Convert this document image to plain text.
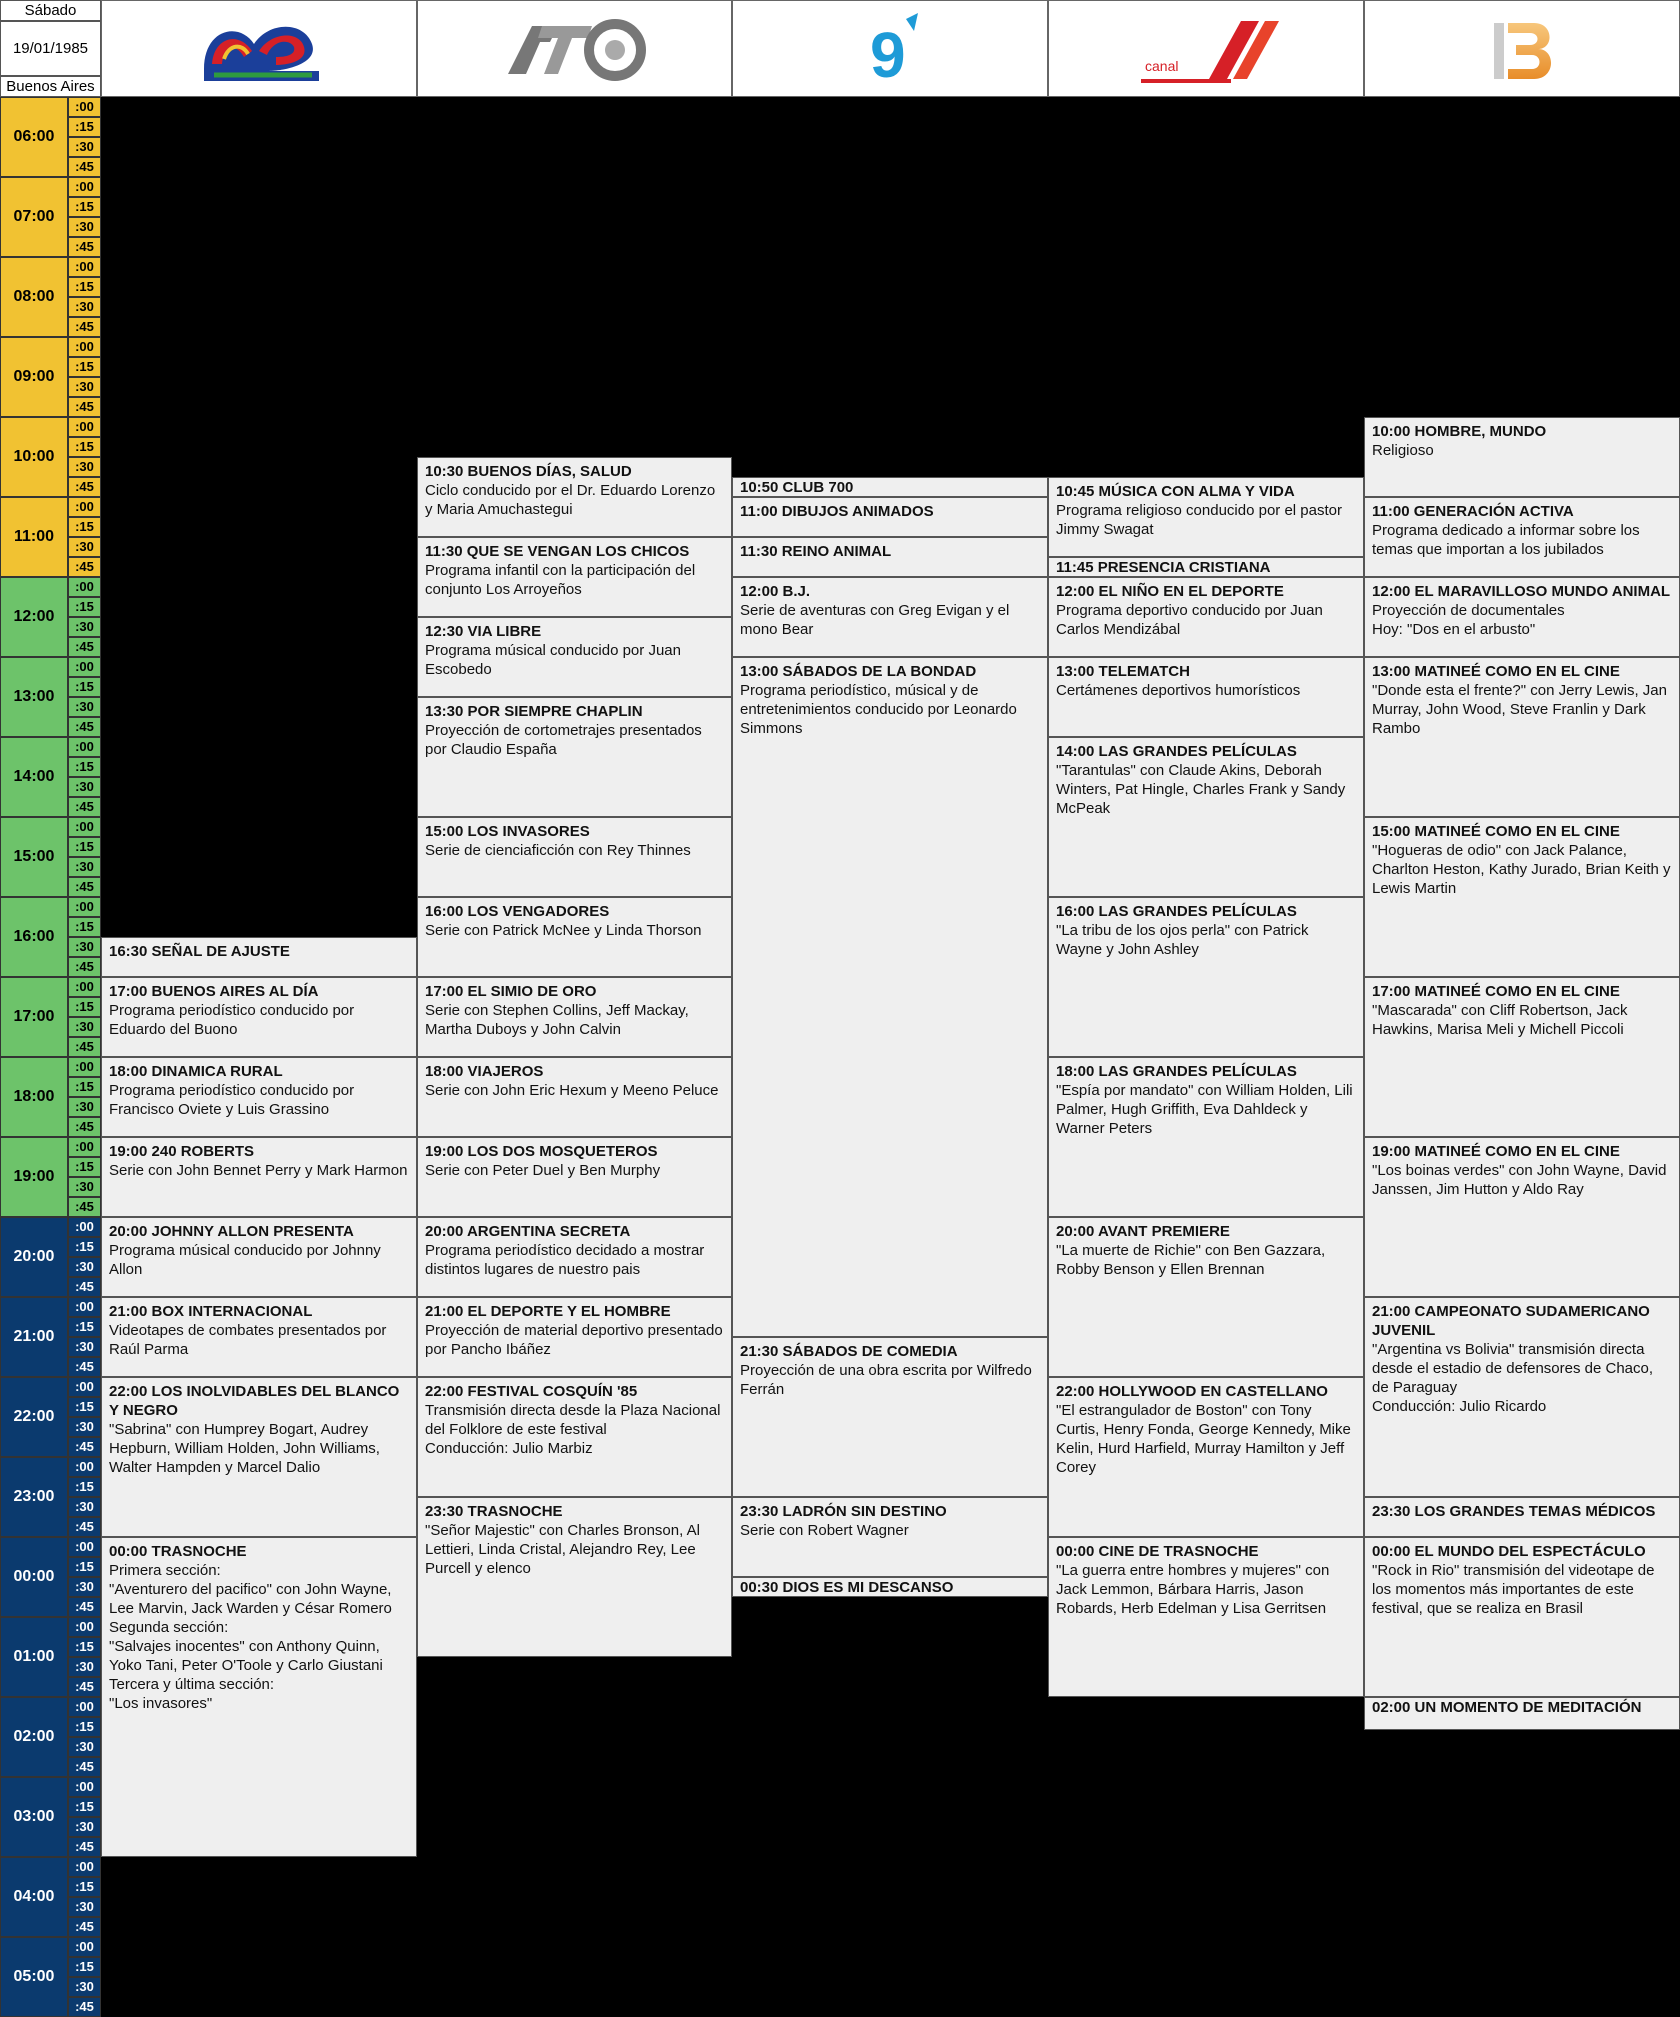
Sábado
19/01/1985
Buenos Aires	9	canal
06:00
:00
:15
:30
:45
07:00
:00
:15
:30
:45
08:00
:00
:15
:30
:45
09:00
:00
:15
:30
:45
10:00
:00
:15
:30
:45
11:00
:00
:15
:30
:45
12:00
:00
:15
:30
:45
13:00
:00
:15
:30
:45
14:00
:00
:15
:30
:45
15:00
:00
:15
:30
:45
16:00
:00
:15
:30
:45
17:00
:00
:15
:30
:45
18:00
:00
:15
:30
:45
19:00
:00
:15
:30
:45
20:00
:00
:15
:30
:45
21:00
:00
:15
:30
:45
22:00
:00
:15
:30
:45
23:00
:00
:15
:30
:45
00:00
:00
:15
:30
:45
01:00
:00
:15
:30
:45
02:00
:00
:15
:30
:45
03:00
:00
:15
:30
:45
04:00
:00
:15
:30
:45
05:00
:00
:15
:30
:45
16:30 SEÑAL DE AJUSTE
17:00 BUENOS AIRES AL DÍA
Programa periodístico conducido por Eduardo del Buono
18:00 DINAMICA RURAL
Programa periodístico conducido por Francisco Oviete y Luis Grassino
19:00 240 ROBERTS
Serie con John Bennet Perry y Mark Harmon
20:00 JOHNNY ALLON PRESENTA
Programa músical conducido por Johnny Allon
21:00 BOX INTERNACIONAL
Videotapes de combates presentados por Raúl Parma
22:00 LOS INOLVIDABLES DEL BLANCO Y NEGRO
"Sabrina" con Humprey Bogart, Audrey Hepburn, William Holden, John Williams, Walter Hampden y Marcel Dalio
00:00 TRASNOCHE
Primera sección:
"Aventurero del pacifico" con John Wayne, Lee Marvin, Jack Warden y César Romero
Segunda sección:
"Salvajes inocentes" con Anthony Quinn, Yoko Tani, Peter O'Toole y Carlo Giustani
Tercera y última sección:
"Los invasores"
10:30 BUENOS DÍAS, SALUD
Ciclo conducido por el Dr. Eduardo Lorenzo y Maria Amuchastegui
11:30 QUE SE VENGAN LOS CHICOS
Programa infantil con la participación del conjunto Los Arroyeños
12:30 VIA LIBRE
Programa músical conducido por Juan Escobedo
13:30 POR SIEMPRE CHAPLIN
Proyección de cortometrajes presentados por Claudio España
15:00 LOS INVASORES
Serie de cienciaficción con Rey Thinnes
16:00 LOS VENGADORES
Serie con Patrick McNee y Linda Thorson
17:00 EL SIMIO DE ORO
Serie con Stephen Collins, Jeff Mackay, Martha Duboys y John Calvin
18:00 VIAJEROS
Serie con John Eric Hexum y Meeno Peluce
19:00 LOS DOS MOSQUETEROS
Serie con Peter Duel y Ben Murphy
20:00 ARGENTINA SECRETA
Programa periodístico decidado a mostrar distintos lugares de nuestro pais
21:00 EL DEPORTE Y EL HOMBRE
Proyección de material deportivo presentado por Pancho Ibáñez
22:00 FESTIVAL COSQUÍN '85
Transmisión directa desde la Plaza Nacional del Folklore de este festival
Conducción: Julio Marbiz
23:30 TRASNOCHE
"Señor Majestic" con Charles Bronson, Al Lettieri, Linda Cristal, Alejandro Rey, Lee Purcell y elenco
10:50 CLUB 700
11:00 DIBUJOS ANIMADOS
11:30 REINO ANIMAL
12:00 B.J.
Serie de aventuras con Greg Evigan y el mono Bear
13:00 SÁBADOS DE LA BONDAD
Programa periodístico, músical y de entretenimientos conducido por Leonardo Simmons
21:30 SÁBADOS DE COMEDIA
Proyección de una obra escrita por Wilfredo Ferrán
23:30 LADRÓN SIN DESTINO
Serie con Robert Wagner
00:30 DIOS ES MI DESCANSO
10:45 MÚSICA CON ALMA Y VIDA
Programa religioso conducido por el pastor Jimmy Swagat
11:45 PRESENCIA CRISTIANA
12:00 EL NIÑO EN EL DEPORTE
Programa deportivo conducido por Juan Carlos Mendizábal
13:00 TELEMATCH
Certámenes deportivos humorísticos
14:00 LAS GRANDES PELÍCULAS
"Tarantulas" con Claude Akins, Deborah Winters, Pat Hingle, Charles Frank y Sandy McPeak
16:00 LAS GRANDES PELÍCULAS
"La tribu de los ojos perla" con Patrick Wayne y John Ashley
18:00 LAS GRANDES PELÍCULAS
"Espía por mandato" con William Holden, Lili Palmer, Hugh Griffith, Eva Dahldeck y Warner Peters
20:00 AVANT PREMIERE
"La muerte de Richie" con Ben Gazzara, Robby Benson y Ellen Brennan
22:00 HOLLYWOOD EN CASTELLANO
"El estrangulador de Boston" con Tony Curtis, Henry Fonda, George Kennedy, Mike Kelin, Hurd Harfield, Murray Hamilton y Jeff Corey
00:00 CINE DE TRASNOCHE
"La guerra entre hombres y mujeres" con Jack Lemmon, Bárbara Harris, Jason Robards, Herb Edelman y Lisa Gerritsen
10:00 HOMBRE, MUNDO
Religioso
11:00 GENERACIÓN ACTIVA
Programa dedicado a informar sobre los temas que importan a los jubilados
12:00 EL MARAVILLOSO MUNDO ANIMAL
Proyección de documentales
Hoy: "Dos en el arbusto"
13:00 MATINEÉ COMO EN EL CINE
"Donde esta el frente?" con Jerry Lewis, Jan Murray, John Wood, Steve Franlin y Dark Rambo
15:00 MATINEÉ COMO EN EL CINE
"Hogueras de odio" con Jack Palance, Charlton Heston, Kathy Jurado, Brian Keith y Lewis Martin
17:00 MATINEÉ COMO EN EL CINE
"Mascarada" con Cliff Robertson, Jack Hawkins, Marisa Meli y Michell Piccoli
19:00 MATINEÉ COMO EN EL CINE
"Los boinas verdes" con John Wayne, David Janssen, Jim Hutton y Aldo Ray
21:00 CAMPEONATO SUDAMERICANO JUVENIL
"Argentina vs Bolivia" transmisión directa desde el estadio de defensores de Chaco, de Paraguay
Conducción: Julio Ricardo
23:30 LOS GRANDES TEMAS MÉDICOS
00:00 EL MUNDO DEL ESPECTÁCULO
"Rock in Rio" transmisión del videotape de los momentos más importantes de este festival, que se realiza en Brasil
02:00 UN MOMENTO DE MEDITACIÓN
